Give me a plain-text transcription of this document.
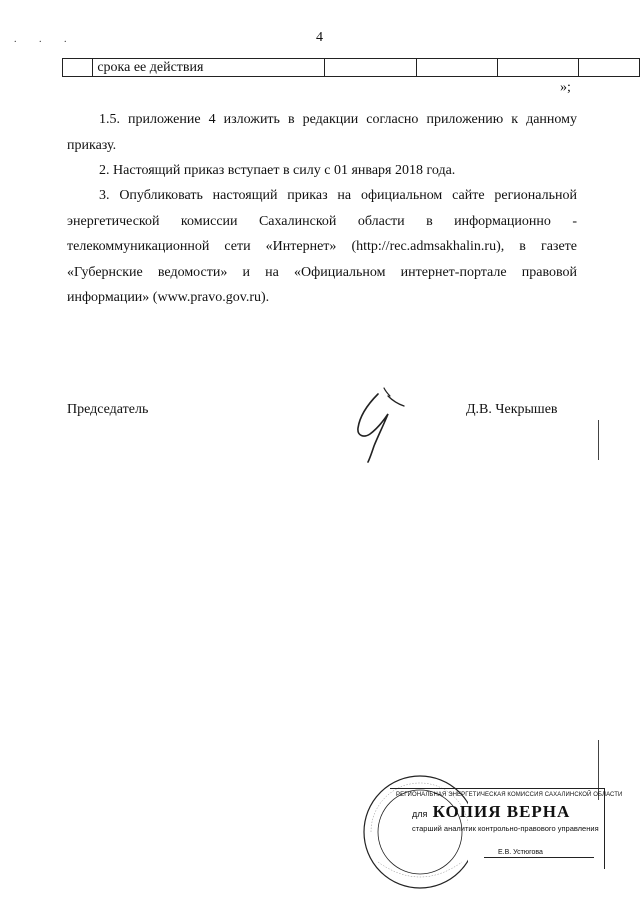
. . .	4
	срока ее действия				
»;

1.5. приложение 4 изложить в редакции согласно приложению к данному приказу.

2. Настоящий приказ вступает в силу с 01 января 2018 года.

3. Опубликовать настоящий приказ на официальном сайте региональной энергетической комиссии Сахалинской области в информационно - телекоммуникационной сети «Интернет» (http://rec.admsakhalin.ru), в газете «Губернские ведомости» и на «Официальном интернет-портале правовой информации» (www.pravo.gov.ru).

Председатель	Д.В. Чекрышев
РЕГИОНАЛЬНАЯ ЭНЕРГЕТИЧЕСКАЯ КОМИССИЯ САХАЛИНСКОЙ ОБЛАСТИ
для КОПИЯ ВЕРНА
старший аналитик контрольно-правового управления
Е.В. Устюгова
